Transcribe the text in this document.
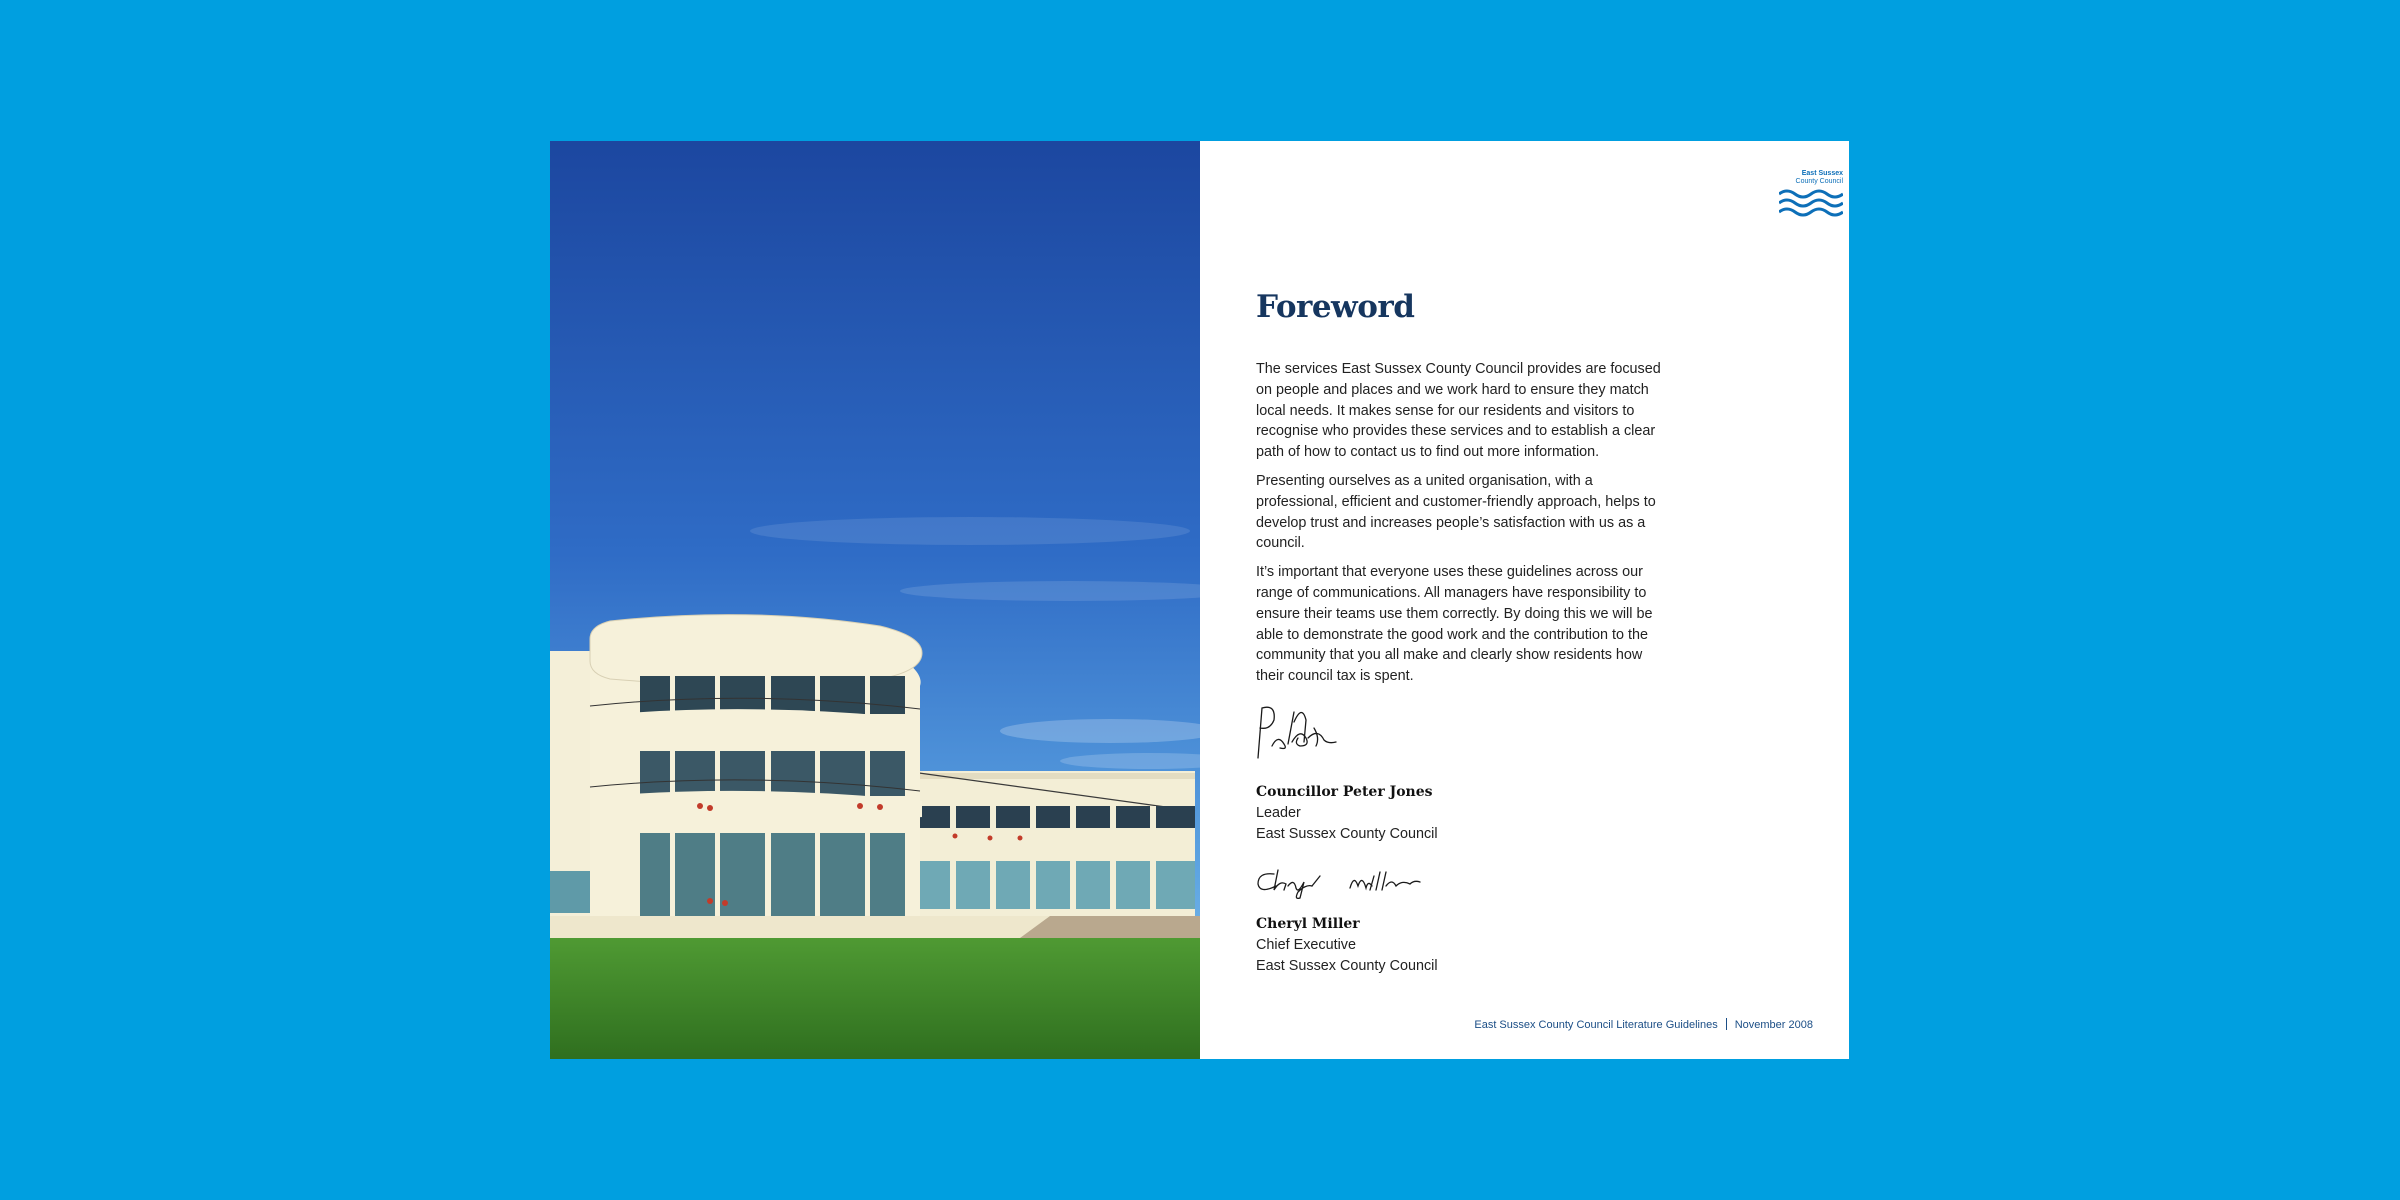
East Sussex
County Council
Foreword

The services East Sussex County Council provides are focused on people and places and we work hard to ensure they match local needs. It makes sense for our residents and visitors to recognise who provides these services and to establish a clear path of how to contact us to find out more information.

Presenting ourselves as a united organisation, with a professional, efficient and customer-friendly approach, helps to develop trust and increases people’s satisfaction with us as a council.

It’s important that everyone uses these guidelines across our range of communications. All managers have responsibility to ensure their teams use them correctly. By doing this we will be able to demonstrate the good work and the contribution to the community that you all make and clearly show residents how their council tax is spent.

Councillor Peter Jones
Leader
East Sussex County Council
Cheryl Miller
Chief Executive
East Sussex County Council
East Sussex County Council Literature Guidelines November 2008
